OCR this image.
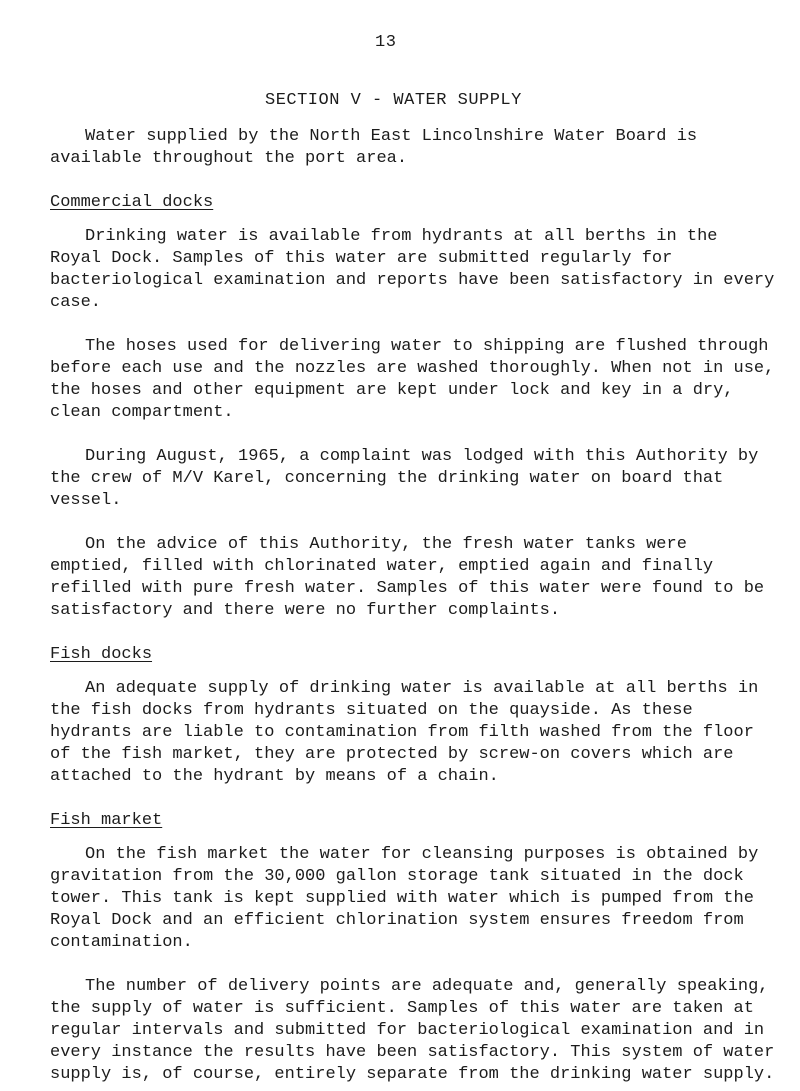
13
SECTION V - WATER SUPPLY

Water supplied by the North East Lincolnshire Water Board is available throughout the port area.

Commercial docks

Drinking water is available from hydrants at all berths in the Royal Dock. Samples of this water are submitted regularly for bacteriological examination and reports have been satisfactory in every case.

The hoses used for delivering water to shipping are flushed through before each use and the nozzles are washed thoroughly. When not in use, the hoses and other equipment are kept under lock and key in a dry, clean compartment.

During August, 1965, a complaint was lodged with this Authority by the crew of M/V Karel, concerning the drinking water on board that vessel.

On the advice of this Authority, the fresh water tanks were emptied, filled with chlorinated water, emptied again and finally refilled with pure fresh water. Samples of this water were found to be satisfactory and there were no further complaints.

Fish docks

An adequate supply of drinking water is available at all berths in the fish docks from hydrants situated on the quayside. As these hydrants are liable to contamination from filth washed from the floor of the fish market, they are protected by screw-on covers which are attached to the hydrant by means of a chain.

Fish market

On the fish market the water for cleansing purposes is obtained by gravitation from the 30,000 gallon storage tank situated in the dock tower. This tank is kept supplied with water which is pumped from the Royal Dock and an efficient chlorination system ensures freedom from contamination.

The number of delivery points are adequate and, generally speaking, the supply of water is sufficient. Samples of this water are taken at regular intervals and submitted for bacteriological examination and in every instance the results have been satisfactory. This system of water supply is, of course, entirely separate from the drinking water supply.
